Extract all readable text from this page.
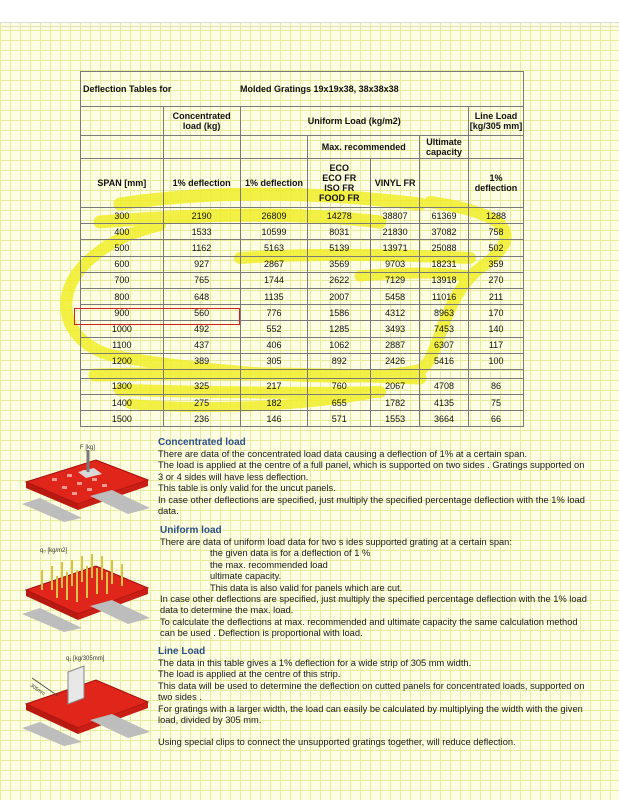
Deflection Tables for		Molded Gratings 19x19x38, 38x38x38				
	Concentrated load (kg)	Uniform Load (kg/m2)				Line Load [kg/305 mm]
			Max. recommended		Ultimate capacity	
SPAN [mm]	1% deflection	1% deflection	ECO
ECO FR
ISO FR
FOOD FR	VINYL FR		1% deflection
300	2190	26809	14278	38807	61369	1288
400	1533	10599	8031	21830	37082	758
500	1162	5163	5139	13971	25088	502
600	927	2867	3569	9703	18231	359
700	765	1744	2622	7129	13918	270
800	648	1135	2007	5458	11016	211
900	560	776	1586	4312	8963	170
1000	492	552	1285	3493	7453	140
1100	437	406	1062	2887	6307	117
1200	389	305	892	2426	5416	100

1300	325	217	760	2067	4708	86
1400	275	182	655	1782	4135	75
1500	236	146	571	1553	3664	66
F [kg]
q₀ [kg/m2]
q₁ [kg/305mm]
305mm
Concentrated load

There are data of the concentrated load data causing a deflection of 1% at a certain span.

The load is applied at the centre of a full panel, which is supported on two sides . Gratings supported on 3 or 4 sides will have less deflection.

This table is only valid for the uncut panels.

In case other deflections are specified, just multiply the specified percentage deflection with the 1% load data.

Uniform load

There are data of uniform load data for two s ides supported grating at a certain span:

the given data is for a deflection of 1 %

the max. recommended load

ultimate capacity.

This data is also valid for panels which are cut.

In case other deflections are specified, just multiply the specified percentage deflection with the 1% load data to determine the max. load.

To calculate the deflections at max. recommended and ultimate capacity the same calculation method can be used . Deflection is proportional with load.

Line Load

The data in this table gives a 1% deflection for a wide strip of 305 mm width.

The load is applied at the centre of this strip.

This data will be used to determine the deflection on cutted panels for concentrated loads, supported on two sides .

For gratings with a larger width, the load can easily be calculated by multiplying the width with the given load, divided by 305 mm.

Using special clips to connect the unsupported gratings together, will reduce deflection.
